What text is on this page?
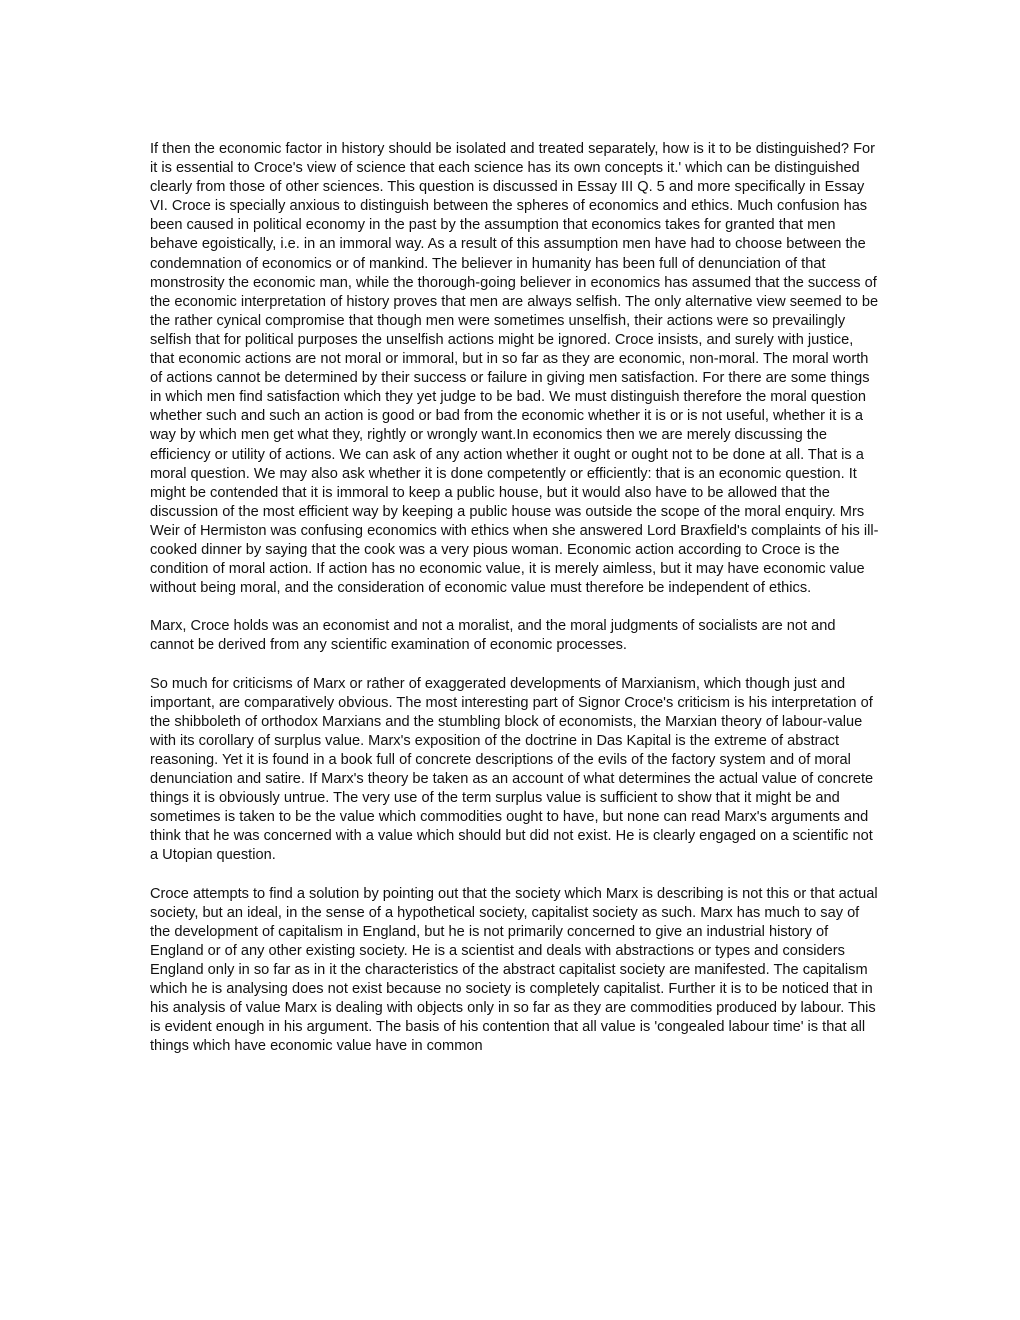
If then the economic factor in history should be isolated and treated separately, how is it to be distinguished? For it is essential to Croce's view of science that each science has its own concepts it.' which can be distinguished clearly from those of other sciences. This question is discussed in Essay III Q. 5 and more specifically in Essay VI. Croce is specially anxious to distinguish between the spheres of economics and ethics. Much confusion has been caused in political economy in the past by the assumption that economics takes for granted that men behave egoistically, i.e. in an immoral way. As a result of this assumption men have had to choose between the condemnation of economics or of mankind. The believer in humanity has been full of denunciation of that monstrosity the economic man, while the thorough-going believer in economics has assumed that the success of the economic interpretation of history proves that men are always selfish. The only alternative view seemed to be the rather cynical compromise that though men were sometimes unselfish, their actions were so prevailingly selfish that for political purposes the unselfish actions might be ignored. Croce insists, and surely with justice, that economic actions are not moral or immoral, but in so far as they are economic, non-moral. The moral worth of actions cannot be determined by their success or failure in giving men satisfaction. For there are some things in which men find satisfaction which they yet judge to be bad. We must distinguish therefore the moral question whether such and such an action is good or bad from the economic whether it is or is not useful, whether it is a way by which men get what they, rightly or wrongly want.In economics then we are merely discussing the efficiency or utility of actions. We can ask of any action whether it ought or ought not to be done at all. That is a moral question. We may also ask whether it is done competently or efficiently: that is an economic question. It might be contended that it is immoral to keep a public house, but it would also have to be allowed that the discussion of the most efficient way by keeping a public house was outside the scope of the moral enquiry. Mrs Weir of Hermiston was confusing economics with ethics when she answered Lord Braxfield's complaints of his ill-cooked dinner by saying that the cook was a very pious woman. Economic action according to Croce is the condition of moral action. If action has no economic value, it is merely aimless, but it may have economic value without being moral, and the consideration of economic value must therefore be independent of ethics.

Marx, Croce holds was an economist and not a moralist, and the moral judgments of socialists are not and cannot be derived from any scientific examination of economic processes.

So much for criticisms of Marx or rather of exaggerated developments of Marxianism, which though just and important, are comparatively obvious. The most interesting part of Signor Croce's criticism is his interpretation of the shibboleth of orthodox Marxians and the stumbling block of economists, the Marxian theory of labour-value with its corollary of surplus value. Marx's exposition of the doctrine in Das Kapital is the extreme of abstract reasoning. Yet it is found in a book full of concrete descriptions of the evils of the factory system and of moral denunciation and satire. If Marx's theory be taken as an account of what determines the actual value of concrete things it is obviously untrue. The very use of the term surplus value is sufficient to show that it might be and sometimes is taken to be the value which commodities ought to have, but none can read Marx's arguments and think that he was concerned with a value which should but did not exist. He is clearly engaged on a scientific not a Utopian question.

Croce attempts to find a solution by pointing out that the society which Marx is describing is not this or that actual society, but an ideal, in the sense of a hypothetical society, capitalist society as such. Marx has much to say of the development of capitalism in England, but he is not primarily concerned to give an industrial history of England or of any other existing society. He is a scientist and deals with abstractions or types and considers England only in so far as in it the characteristics of the abstract capitalist society are manifested. The capitalism which he is analysing does not exist because no society is completely capitalist. Further it is to be noticed that in his analysis of value Marx is dealing with objects only in so far as they are commodities produced by labour. This is evident enough in his argument. The basis of his contention that all value is 'congealed labour time' is that all things which have economic value have in common
